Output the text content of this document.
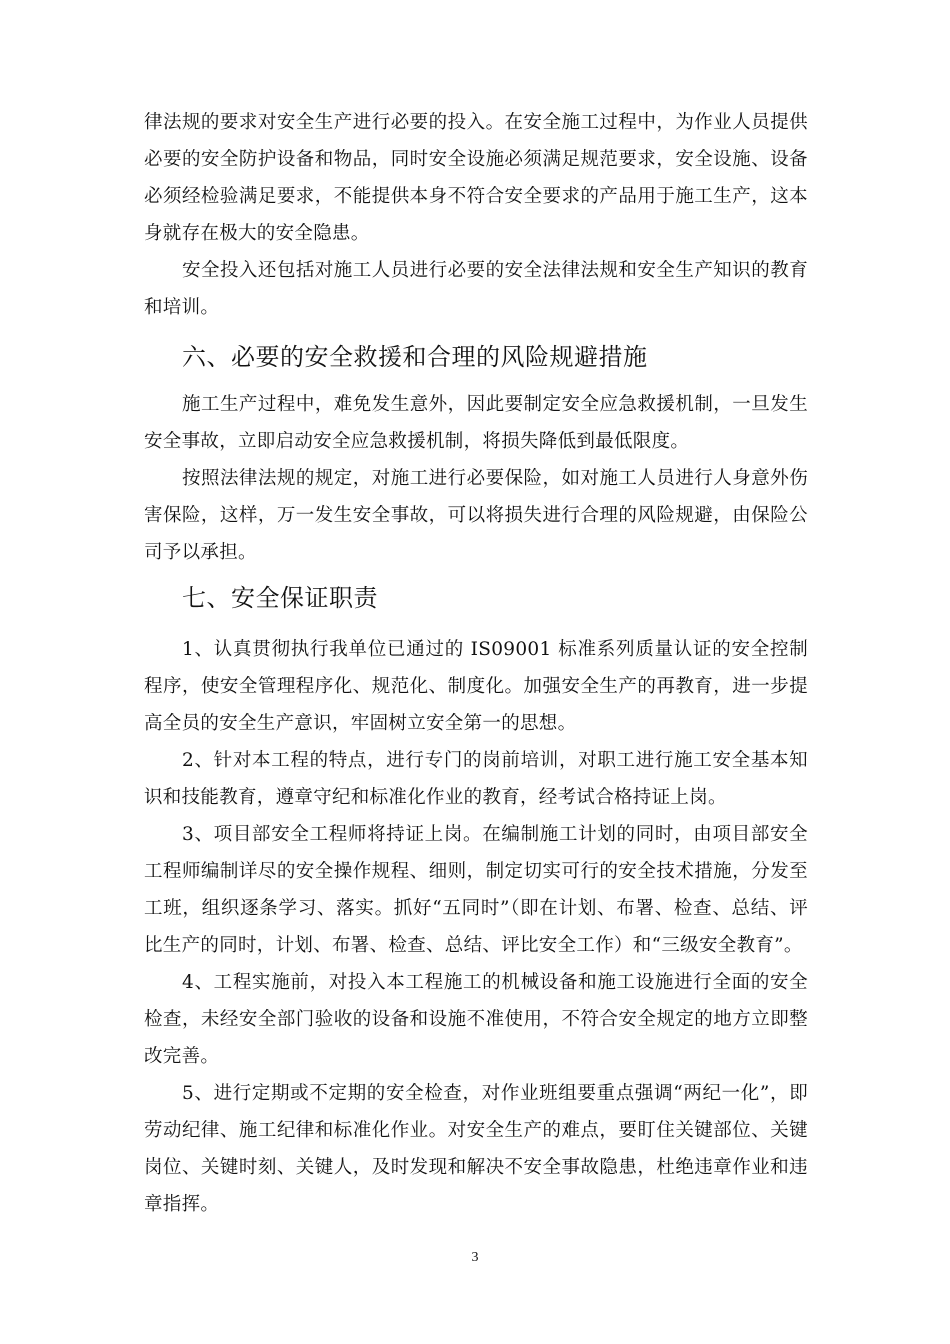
律法规的要求对安全生产进行必要的投入。在安全施工过程中，为作业人员提供必要的安全防护设备和物品，同时安全设施必须满足规范要求，安全设施、设备必须经检验满足要求，不能提供本身不符合安全要求的产品用于施工生产，这本身就存在极大的安全隐患。

安全投入还包括对施工人员进行必要的安全法律法规和安全生产知识的教育和培训。

六、必要的安全救援和合理的风险规避措施

施工生产过程中，难免发生意外，因此要制定安全应急救援机制，一旦发生安全事故，立即启动安全应急救援机制，将损失降低到最低限度。

按照法律法规的规定，对施工进行必要保险，如对施工人员进行人身意外伤害保险，这样，万一发生安全事故，可以将损失进行合理的风险规避，由保险公司予以承担。

七、安全保证职责

1、认真贯彻执行我单位已通过的 IS09001 标准系列质量认证的安全控制程序，使安全管理程序化、规范化、制度化。加强安全生产的再教育，进一步提高全员的安全生产意识，牢固树立安全第一的思想。

2、针对本工程的特点，进行专门的岗前培训，对职工进行施工安全基本知识和技能教育，遵章守纪和标准化作业的教育，经考试合格持证上岗。

3、项目部安全工程师将持证上岗。在编制施工计划的同时，由项目部安全工程师编制详尽的安全操作规程、细则，制定切实可行的安全技术措施，分发至工班，组织逐条学习、落实。抓好“五同时”（即在计划、布署、检查、总结、评比生产的同时，计划、布署、检查、总结、评比安全工作）和“三级安全教育”。

4、工程实施前，对投入本工程施工的机械设备和施工设施进行全面的安全检查，未经安全部门验收的设备和设施不准使用，不符合安全规定的地方立即整改完善。

5、进行定期或不定期的安全检查，对作业班组要重点强调“两纪一化”，即劳动纪律、施工纪律和标准化作业。对安全生产的难点，要盯住关键部位、关键岗位、关键时刻、关键人，及时发现和解决不安全事故隐患，杜绝违章作业和违章指挥。

3
